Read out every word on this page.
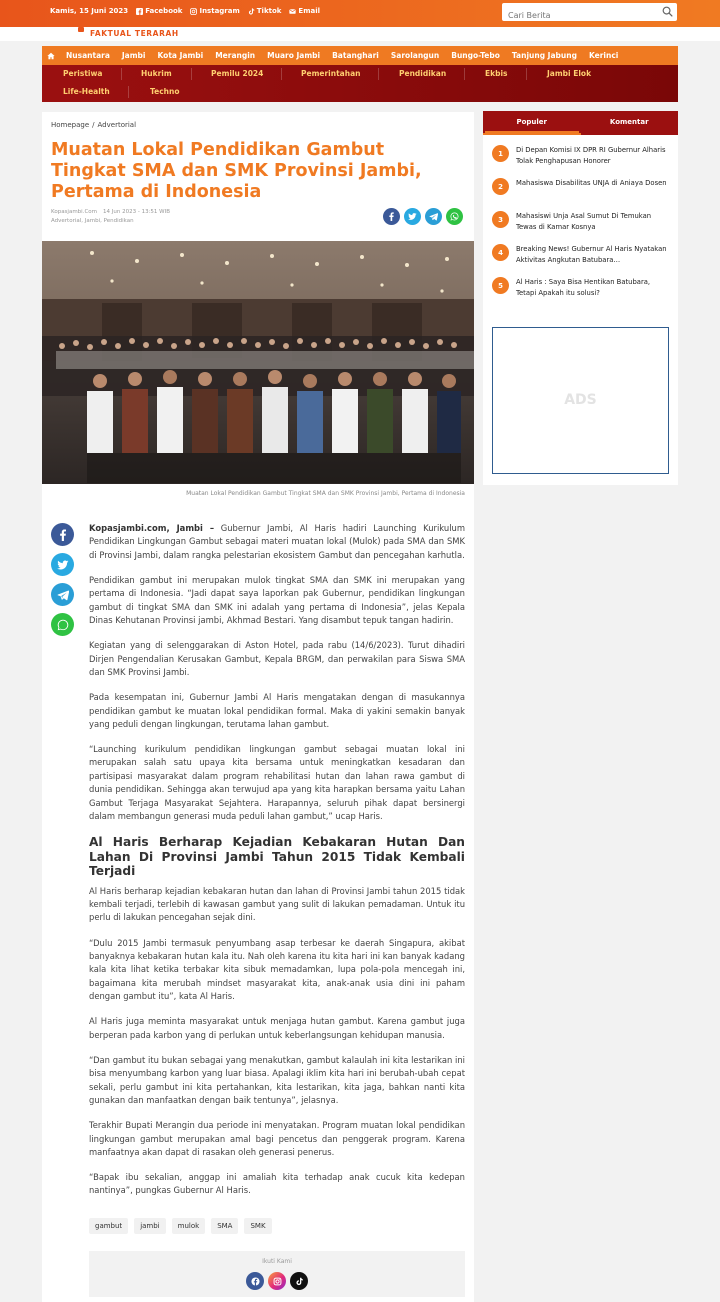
Kamis, 15 Juni 2023 Facebook Instagram Tiktok Email
Cari Berita
FAKTUAL TERARAH
Nusantara	Jambi	Kota Jambi	Merangin	Muaro Jambi	Batanghari	Sarolangun	Bungo-Tebo	Tanjung Jabung	Kerinci
Peristiwa	Hukrim	Pemilu 2024	Pemerintahan	Pendidikan	Ekbis	Jambi Elok
Life-Health	Techno
Homepage / Advertorial
Muatan Lokal Pendidikan Gambut Tingkat SMA dan SMK Provinsi Jambi, Pertama di Indonesia
Kopasjambi.Com 14 Jun 2023 - 13:51 WIB
Advertorial, Jambi, Pendidikan
Muatan Lokal Pendidikan Gambut Tingkat SMA dan SMK Provinsi Jambi, Pertama di Indonesia

Kopasjambi.com, Jambi – Gubernur Jambi, Al Haris hadiri Launching Kurikulum Pendidikan Lingkungan Gambut sebagai materi muatan lokal (Mulok) pada SMA dan SMK di Provinsi Jambi, dalam rangka pelestarian ekosistem Gambut dan pencegahan karhutla.

Pendidikan gambut ini merupakan mulok tingkat SMA dan SMK ini merupakan yang pertama di Indonesia. “Jadi dapat saya laporkan pak Gubernur, pendidikan lingkungan gambut di tingkat SMA dan SMK ini adalah yang pertama di Indonesia”, jelas Kepala Dinas Kehutanan Provinsi jambi, Akhmad Bestari. Yang disambut tepuk tangan hadirin.

Kegiatan yang di selenggarakan di Aston Hotel, pada rabu (14/6/2023). Turut dihadiri Dirjen Pengendalian Kerusakan Gambut, Kepala BRGM, dan perwakilan para Siswa SMA dan SMK Provinsi Jambi.

Pada kesempatan ini, Gubernur Jambi Al Haris mengatakan dengan di masukannya pendidikan gambut ke muatan lokal pendidikan formal. Maka di yakini semakin banyak yang peduli dengan lingkungan, terutama lahan gambut.

“Launching kurikulum pendidikan lingkungan gambut sebagai muatan lokal ini merupakan salah satu upaya kita bersama untuk meningkatkan kesadaran dan partisipasi masyarakat dalam program rehabilitasi hutan dan lahan rawa gambut di dunia pendidikan. Sehingga akan terwujud apa yang kita harapkan bersama yaitu Lahan Gambut Terjaga Masyarakat Sejahtera. Harapannya, seluruh pihak dapat bersinergi dalam membangun generasi muda peduli lahan gambut,” ucap Haris.

Al Haris Berharap Kejadian Kebakaran Hutan Dan Lahan Di Provinsi Jambi Tahun 2015 Tidak Kembali Terjadi

Al Haris berharap kejadian kebakaran hutan dan lahan di Provinsi Jambi tahun 2015 tidak kembali terjadi, terlebih di kawasan gambut yang sulit di lakukan pemadaman. Untuk itu perlu di lakukan pencegahan sejak dini.

“Dulu 2015 Jambi termasuk penyumbang asap terbesar ke daerah Singapura, akibat banyaknya kebakaran hutan kala itu. Nah oleh karena itu kita hari ini kan banyak kadang kala kita lihat ketika terbakar kita sibuk memadamkan, lupa pola-pola mencegah ini, bagaimana kita merubah mindset masyarakat kita, anak-anak usia dini ini paham dengan gambut itu”, kata Al Haris.

Al Haris juga meminta masyarakat untuk menjaga hutan gambut. Karena gambut juga berperan pada karbon yang di perlukan untuk keberlangsungan kehidupan manusia.

“Dan gambut itu bukan sebagai yang menakutkan, gambut kalaulah ini kita lestarikan ini bisa menyumbang karbon yang luar biasa. Apalagi iklim kita hari ini berubah-ubah cepat sekali, perlu gambut ini kita pertahankan, kita lestarikan, kita jaga, bahkan nanti kita gunakan dan manfaatkan dengan baik tentunya”, jelasnya.

Terakhir Bupati Merangin dua periode ini menyatakan. Program muatan lokal pendidikan lingkungan gambut merupakan amal bagi pencetus dan penggerak program. Karena manfaatnya akan dapat di rasakan oleh generasi penerus.

“Bapak ibu sekalian, anggap ini amaliah kita terhadap anak cucuk kita kedepan nantinya”, pungkas Gubernur Al Haris.

gambut	jambi	mulok	SMA	SMK
Ikuti Kami
Populer	Komentar
1	Di Depan Komisi IX DPR RI Gubernur Alharis Tolak Penghapusan Honorer
2	Mahasiswa Disabilitas UNJA di Aniaya Dosen
3	Mahasiswi Unja Asal Sumut Di Temukan Tewas di Kamar Kosnya
4	Breaking News! Gubernur Al Haris Nyatakan Aktivitas Angkutan Batubara…
5	Al Haris : Saya Bisa Hentikan Batubara, Tetapi Apakah itu solusi?
ADS
